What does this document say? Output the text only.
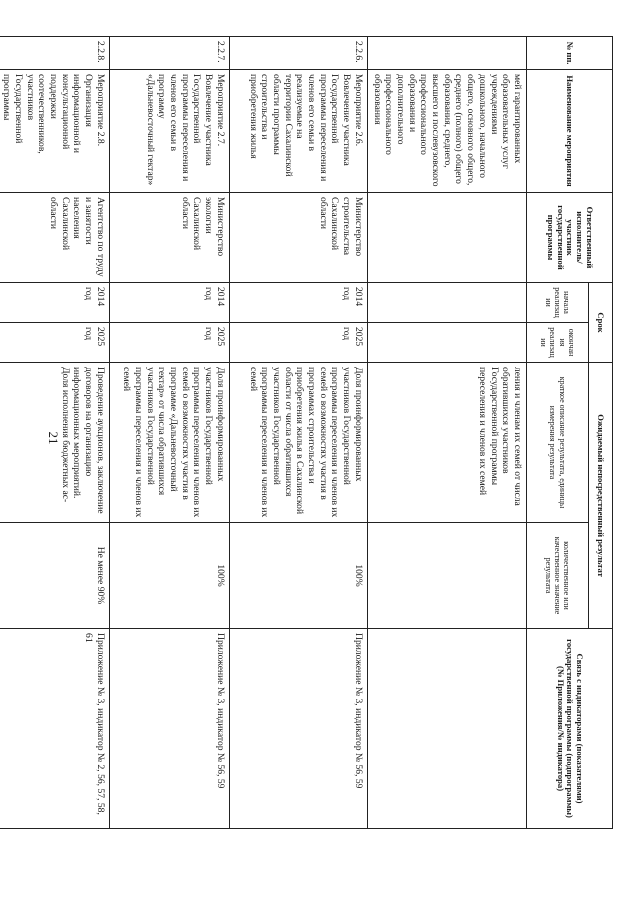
21
№ пп.	Наименование мероприятия	Ответственный исполнитель/участник государственной программы	Срок		Ожидаемый непосредственный результат		Связь с индикаторами (показателями) государственной программы (подпрограммы) (№ Приложения/№ индикатора)
			начала реализации	окончания реализации	краткое описание результата, единицы измерения результата	количественное или качественное значение результата	
	мей гарантированных образовательных услуг учреждениями дошкольного, начального общего, основного общего, среднего (полного) общего образования, среднего, высшего и послевузовского профессионального образования и дополнительного профессионального образования				ления и членам их семей от числа обратившихся участников Государственной программы переселения и членов их семей		
2.2.6.	Мероприятие 2.6. Вовлечение участника Государственной программы переселения и членов его семьи в реализуемые на территории Сахалинской области программы строительства и приобретения жилья	Министерство строительства Сахалинской области	2014 год	2025 год	Доля проинформированных участников Государственной программы переселения и членов их семей о возможностях участия в программах строительства и приобретения жилья в Сахалинской области от числа обратившихся участников Государственной программы переселения и членов их семей	100%	Приложение № 3, индикатор № 56, 59
2.2.7.	Мероприятие 2.7. Вовлечение участника Государственной программы переселения и членов его семьи в программу «Дальневосточный гектар»	Министерство экологии Сахалинской области	2014 год	2025 год	Доля проинформированных участников Государственной программы переселения и членов их семей о возможностях участия в программе «Дальневосточный гектар» от числа обратившихся участников Государственной программы переселения и членов их семей	100%	Приложение № 3, индикатор № 56, 59
2.2.8.	Мероприятие 2.8. Организация информационной и консультационной поддержки соотечественников, участников Государственной программы	Агентство по труду и занятости населения Сахалинской области	2014 год	2025 год	Проведение аукционов, заключение договоров на организацию информационных мероприятий. Доля исполнения бюджетных ас-	Не менее 90%	Приложение № 3, индикатор № 2, 56, 57, 58, 61
